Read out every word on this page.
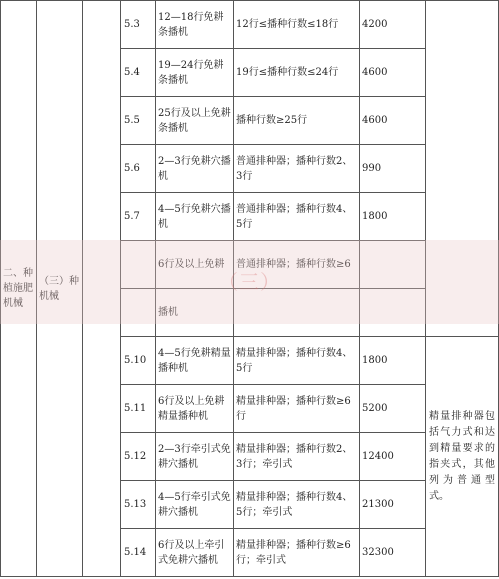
二、种植施肥机械	（三）种机械		5.3	12—18行免耕条播机	12行≤播种行数≤18行	4200	
			5.4	19—24行免耕条播机	19行≤播种行数≤24行	4600	
			5.5	25行及以上免耕条播机	播种行数≥25行	4600	
			5.6	2—3行免耕穴播机	普通排种器；播种行数2、3行	990	
			5.7	4—5行免耕穴播机	普通排种器；播种行数4、5行	1800	
				6行及以上免耕	普通排种器；播种行数≥6		
				播机			
			5.10	4—5行免耕精量播种机	精量排种器；播种行数4、5行	1800	精量排种器包括气力式和达到精量要求的指夹式，其他列为普通型式。
			5.11	6行及以上免耕精量播种机	精量排种器；播种行数≥6行	5200	
			5.12	2—3行牵引式免耕穴播机	精量排种器；播种行数2、3行；牵引式	12400	
			5.13	4—5行牵引式免耕穴播机	精量排种器；播种行数4、5行；牵引式	21300	
			5.14	6行及以上牵引式免耕穴播机	精量排种器；播种行数≥6行；牵引式	32300	
（三）
